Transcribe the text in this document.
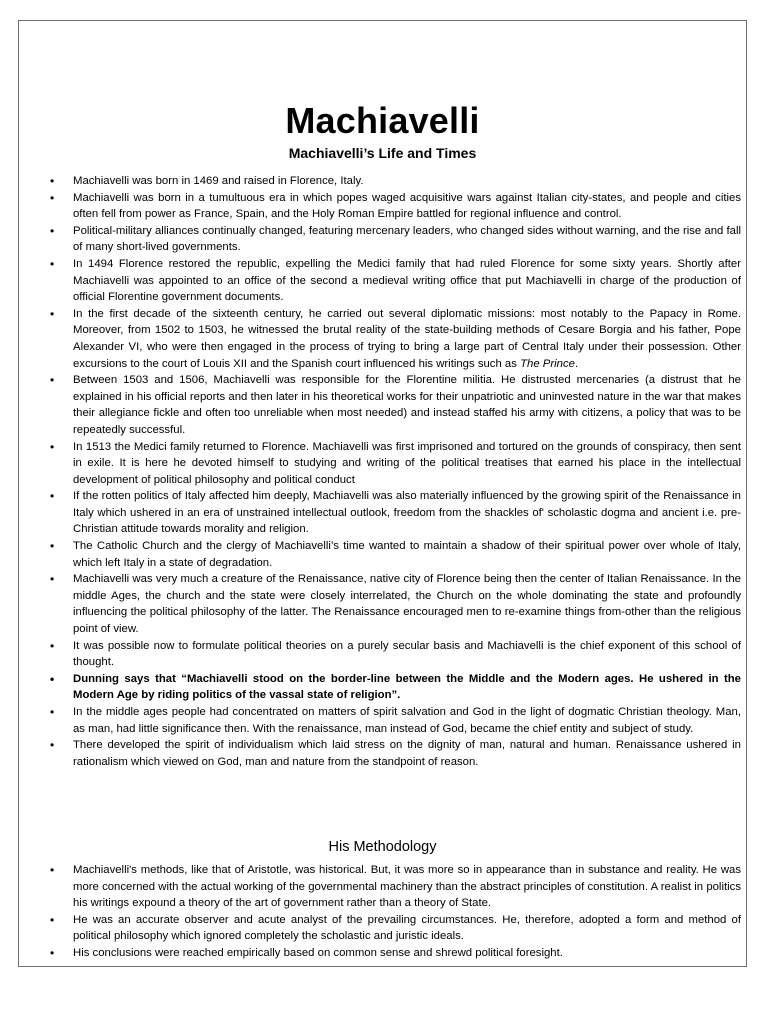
Machiavelli
Machiavelli’s Life and Times
• Machiavelli was born in 1469 and raised in Florence, Italy.
• Machiavelli was born in a tumultuous era in which popes waged acquisitive wars against Italian city-states, and people and cities often fell from power as France, Spain, and the Holy Roman Empire battled for regional influence and control.
• Political-military alliances continually changed, featuring mercenary leaders, who changed sides without warning, and the rise and fall of many short-lived governments.
• In 1494 Florence restored the republic, expelling the Medici family that had ruled Florence for some sixty years. Shortly after Machiavelli was appointed to an office of the second a medieval writing office that put Machiavelli in charge of the production of official Florentine government documents.
• In the first decade of the sixteenth century, he carried out several diplomatic missions: most notably to the Papacy in Rome. Moreover, from 1502 to 1503, he witnessed the brutal reality of the state-building methods of Cesare Borgia and his father, Pope Alexander VI, who were then engaged in the process of trying to bring a large part of Central Italy under their possession. Other excursions to the court of Louis XII and the Spanish court influenced his writings such as The Prince.
• Between 1503 and 1506, Machiavelli was responsible for the Florentine militia. He distrusted mercenaries (a distrust that he explained in his official reports and then later in his theoretical works for their unpatriotic and uninvested nature in the war that makes their allegiance fickle and often too unreliable when most needed) and instead staffed his army with citizens, a policy that was to be repeatedly successful.
• In 1513 the Medici family returned to Florence. Machiavelli was first imprisoned and tortured on the grounds of conspiracy, then sent in exile. It is here he devoted himself to studying and writing of the political treatises that earned his place in the intellectual development of political philosophy and political conduct
• If the rotten politics of Italy affected him deeply, Machiavelli was also materially influenced by the growing spirit of the Renaissance in Italy which ushered in an era of unstrained intellectual outlook, freedom from the shackles of' scholastic dogma and ancient i.e. pre-Christian attitude towards morality and religion.
• The Catholic Church and the clergy of Machiavelli’s time wanted to maintain a shadow of their spiritual power over whole of Italy, which left Italy in a state of degradation.
• Machiavelli was very much a creature of the Renaissance, native city of Florence being then the center of Italian Renaissance. In the middle Ages, the church and the state were closely interrelated, the Church on the whole dominating the state and profoundly influencing the political philosophy of the latter. The Renaissance encouraged men to re-examine things from-other than the religious point of view.
• It was possible now to formulate political theories on a purely secular basis and Machiavelli is the chief exponent of this school of thought.
• Dunning says that “Machiavelli stood on the border-line between the Middle and the Modern ages. He ushered in the Modern Age by riding politics of the vassal state of religion”.
• In the middle ages people had concentrated on matters of spirit salvation and God in the light of dogmatic Christian theology. Man, as man, had little significance then. With the renaissance, man instead of God, became the chief entity and subject of study.
• There developed the spirit of individualism which laid stress on the dignity of man, natural and human. Renaissance ushered in rationalism which viewed on God, man and nature from the standpoint of reason.
His Methodology
• Machiavelli's methods, like that of Aristotle, was historical. But, it was more so in appearance than in substance and reality. He was more concerned with the actual working of the governmental machinery than the abstract principles of constitution. A realist in politics his writings expound a theory of the art of government rather than a theory of State.
• He was an accurate observer and acute analyst of the prevailing circumstances. He, therefore, adopted a form and method of political philosophy which ignored completely the scholastic and juristic ideals.
• His conclusions were reached empirically based on common sense and shrewd political foresight.
